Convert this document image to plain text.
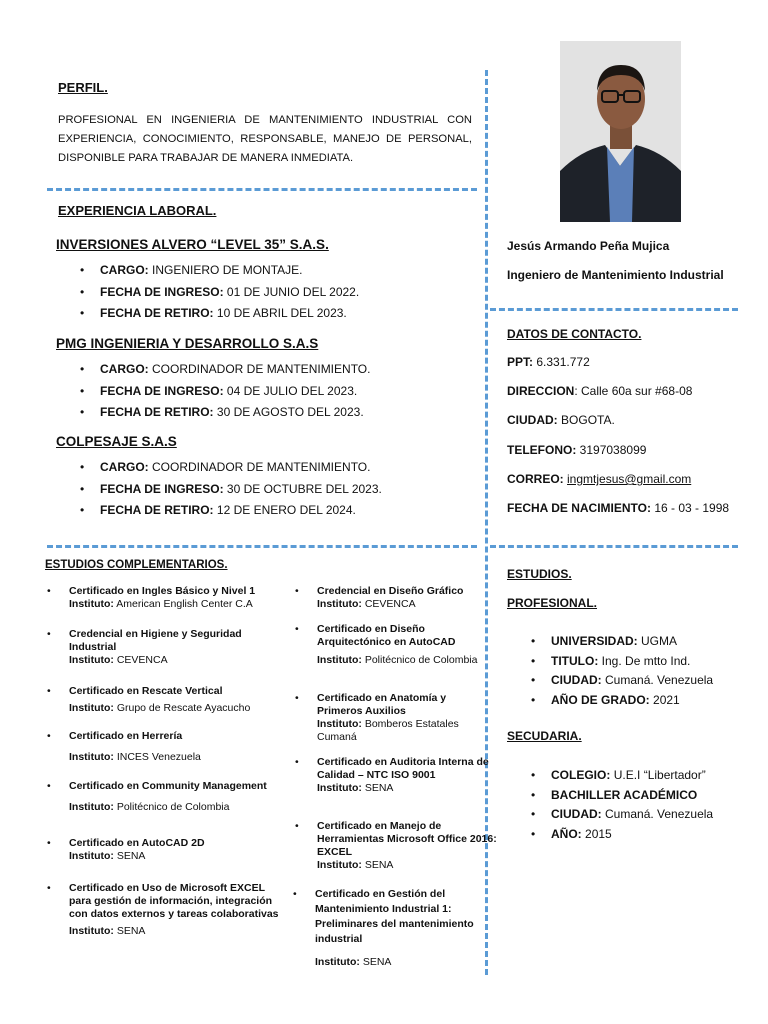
PERFIL.
PROFESIONAL EN INGENIERIA DE MANTENIMIENTO INDUSTRIAL CON EXPERIENCIA, CONOCIMIENTO, RESPONSABLE, MANEJO DE PERSONAL, DISPONIBLE PARA TRABAJAR DE MANERA INMEDIATA.
EXPERIENCIA LABORAL.
INVERSIONES ALVERO “LEVEL 35” S.A.S.
• CARGO: INGENIERO DE MONTAJE.
• FECHA DE INGRESO: 01 DE JUNIO DEL 2022.
• FECHA DE RETIRO: 10 DE ABRIL DEL 2023.
PMG INGENIERIA Y DESARROLLO S.A.S
• CARGO: COORDINADOR DE MANTENIMIENTO.
• FECHA DE INGRESO: 04 DE JULIO DEL 2023.
• FECHA DE RETIRO: 30 DE AGOSTO DEL 2023.
COLPESAJE S.A.S
• CARGO: COORDINADOR DE MANTENIMIENTO.
• FECHA DE INGRESO: 30 DE OCTUBRE DEL 2023.
• FECHA DE RETIRO: 12 DE ENERO DEL 2024.
Jesús Armando Peña Mujica
Ingeniero de Mantenimiento Industrial
DATOS DE CONTACTO.
PPT: 6.331.772
DIRECCION: Calle 60a sur #68-08
CIUDAD: BOGOTA.
TELEFONO: 3197038099
CORREO: ingmtjesus@gmail.com
FECHA DE NACIMIENTO: 16 - 03 - 1998
ESTUDIOS.
PROFESIONAL.
• UNIVERSIDAD: UGMA
• TITULO: Ing. De mtto Ind.
• CIUDAD: Cumaná. Venezuela
• AÑO DE GRADO: 2021
SECUDARIA.
• COLEGIO: U.E.I “Libertador”
• BACHILLER ACADÉMICO
• CIUDAD: Cumaná. Venezuela
• AÑO: 2015
ESTUDIOS COMPLEMENTARIOS.
• Certificado en Ingles Básico y Nivel 1
Instituto: American English Center C.A
• Credencial en Higiene y Seguridad Industrial
Instituto: CEVENCA
• Certificado en Rescate Vertical
Instituto: Grupo de Rescate Ayacucho
• Certificado en Herrería
Instituto: INCES Venezuela
• Certificado en Community Management
Instituto: Politécnico de Colombia
• Certificado en AutoCAD 2D
Instituto: SENA
• Certificado en Uso de Microsoft EXCEL para gestión de información, integración con datos externos y tareas colaborativas
Instituto: SENA
• Credencial en Diseño Gráfico
Instituto: CEVENCA
• Certificado en Diseño Arquitectónico en AutoCAD
Instituto: Politécnico de Colombia
• Certificado en Anatomía y Primeros Auxilios
Instituto: Bomberos Estatales Cumaná
• Certificado en Auditoria Interna de Calidad – NTC ISO 9001
Instituto: SENA
• Certificado en Manejo de Herramientas Microsoft Office 2016: EXCEL
Instituto: SENA
• Certificado en Gestión del Mantenimiento Industrial 1: Preliminares del mantenimiento industrial
Instituto: SENA
